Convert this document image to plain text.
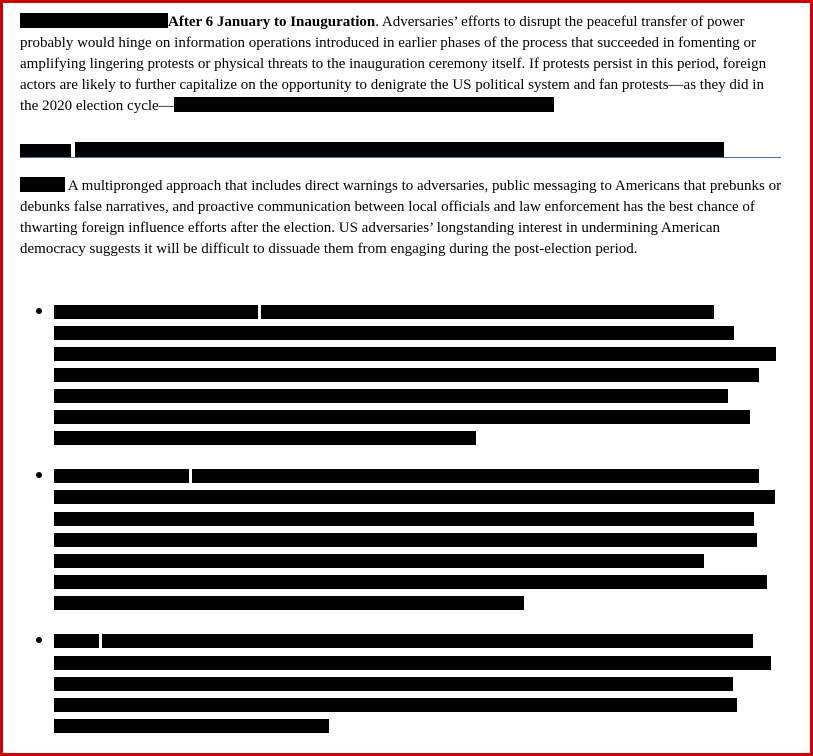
After 6 January to Inauguration. Adversaries’ efforts to disrupt the peaceful transfer of power probably would hinge on information operations introduced in earlier phases of the process that succeeded in fomenting or amplifying lingering protests or physical threats to the inauguration ceremony itself. If protests persist in this period, foreign actors are likely to further capitalize on the opportunity to denigrate the US political system and fan protests—as they did in the 2020 election cycle—

A multipronged approach that includes direct warnings to adversaries, public messaging to Americans that prebunks or debunks false narratives, and proactive communication between local officials and law enforcement has the best chance of thwarting foreign influence efforts after the election. US adversaries’ longstanding interest in undermining American democracy suggests it will be difficult to dissuade them from engaging during the post-election period.
